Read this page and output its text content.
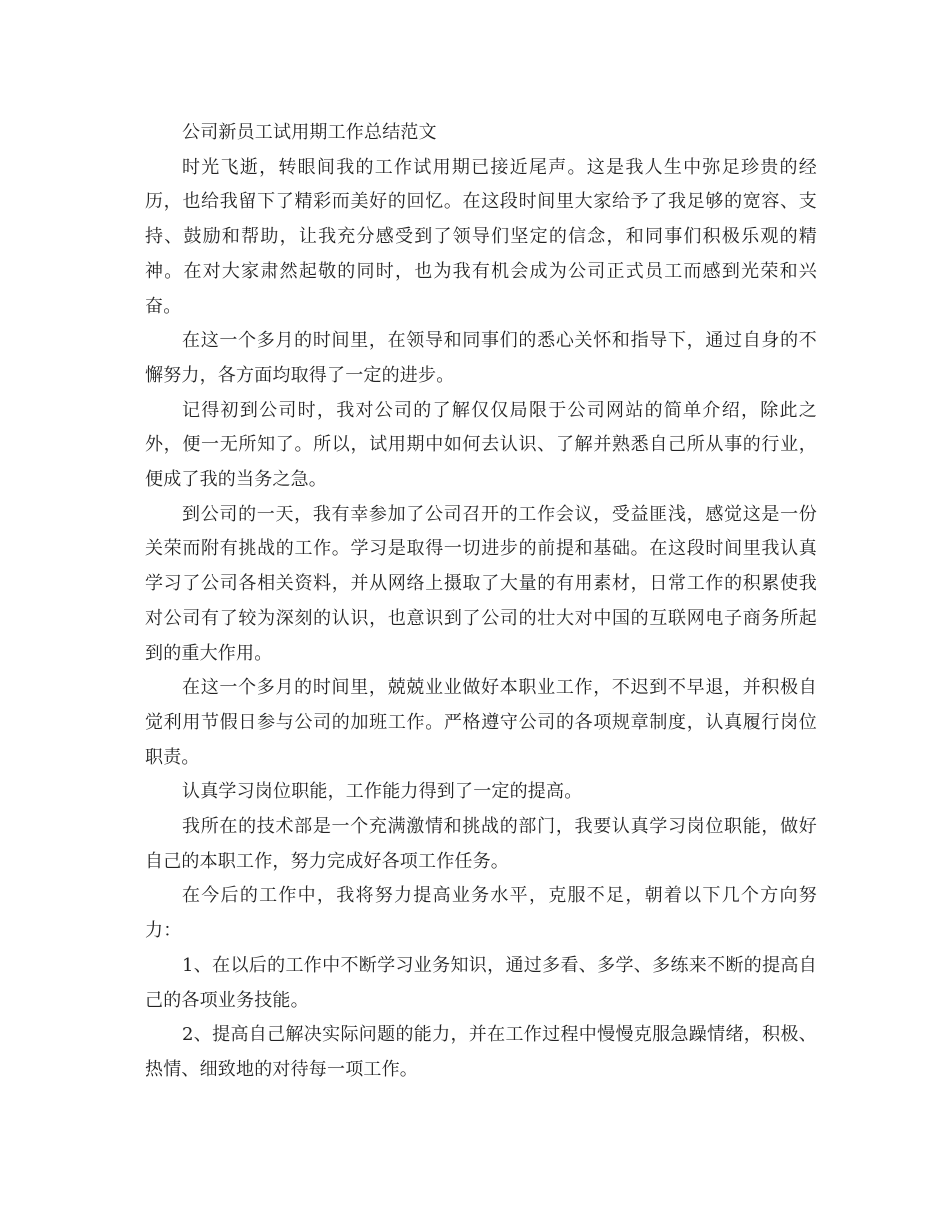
公司新员工试用期工作总结范文

时光飞逝，转眼间我的工作试用期已接近尾声。这是我人生中弥足珍贵的经历，也给我留下了精彩而美好的回忆。在这段时间里大家给予了我足够的宽容、支持、鼓励和帮助，让我充分感受到了领导们坚定的信念，和同事们积极乐观的精神。在对大家肃然起敬的同时，也为我有机会成为公司正式员工而感到光荣和兴奋。

在这一个多月的时间里，在领导和同事们的悉心关怀和指导下，通过自身的不懈努力，各方面均取得了一定的进步。

记得初到公司时，我对公司的了解仅仅局限于公司网站的简单介绍，除此之外，便一无所知了。所以，试用期中如何去认识、了解并熟悉自己所从事的行业，便成了我的当务之急。

到公司的一天，我有幸参加了公司召开的工作会议，受益匪浅，感觉这是一份关荣而附有挑战的工作。学习是取得一切进步的前提和基础。在这段时间里我认真学习了公司各相关资料，并从网络上摄取了大量的有用素材，日常工作的积累使我对公司有了较为深刻的认识，也意识到了公司的壮大对中国的互联网电子商务所起到的重大作用。

在这一个多月的时间里，兢兢业业做好本职业工作，不迟到不早退，并积极自觉利用节假日参与公司的加班工作。严格遵守公司的各项规章制度，认真履行岗位职责。

认真学习岗位职能，工作能力得到了一定的提高。

我所在的技术部是一个充满激情和挑战的部门，我要认真学习岗位职能，做好自己的本职工作，努力完成好各项工作任务。

在今后的工作中，我将努力提高业务水平，克服不足，朝着以下几个方向努力：

1、在以后的工作中不断学习业务知识，通过多看、多学、多练来不断的提高自己的各项业务技能。

2、提高自己解决实际问题的能力，并在工作过程中慢慢克服急躁情绪，积极、热情、细致地的对待每一项工作。
